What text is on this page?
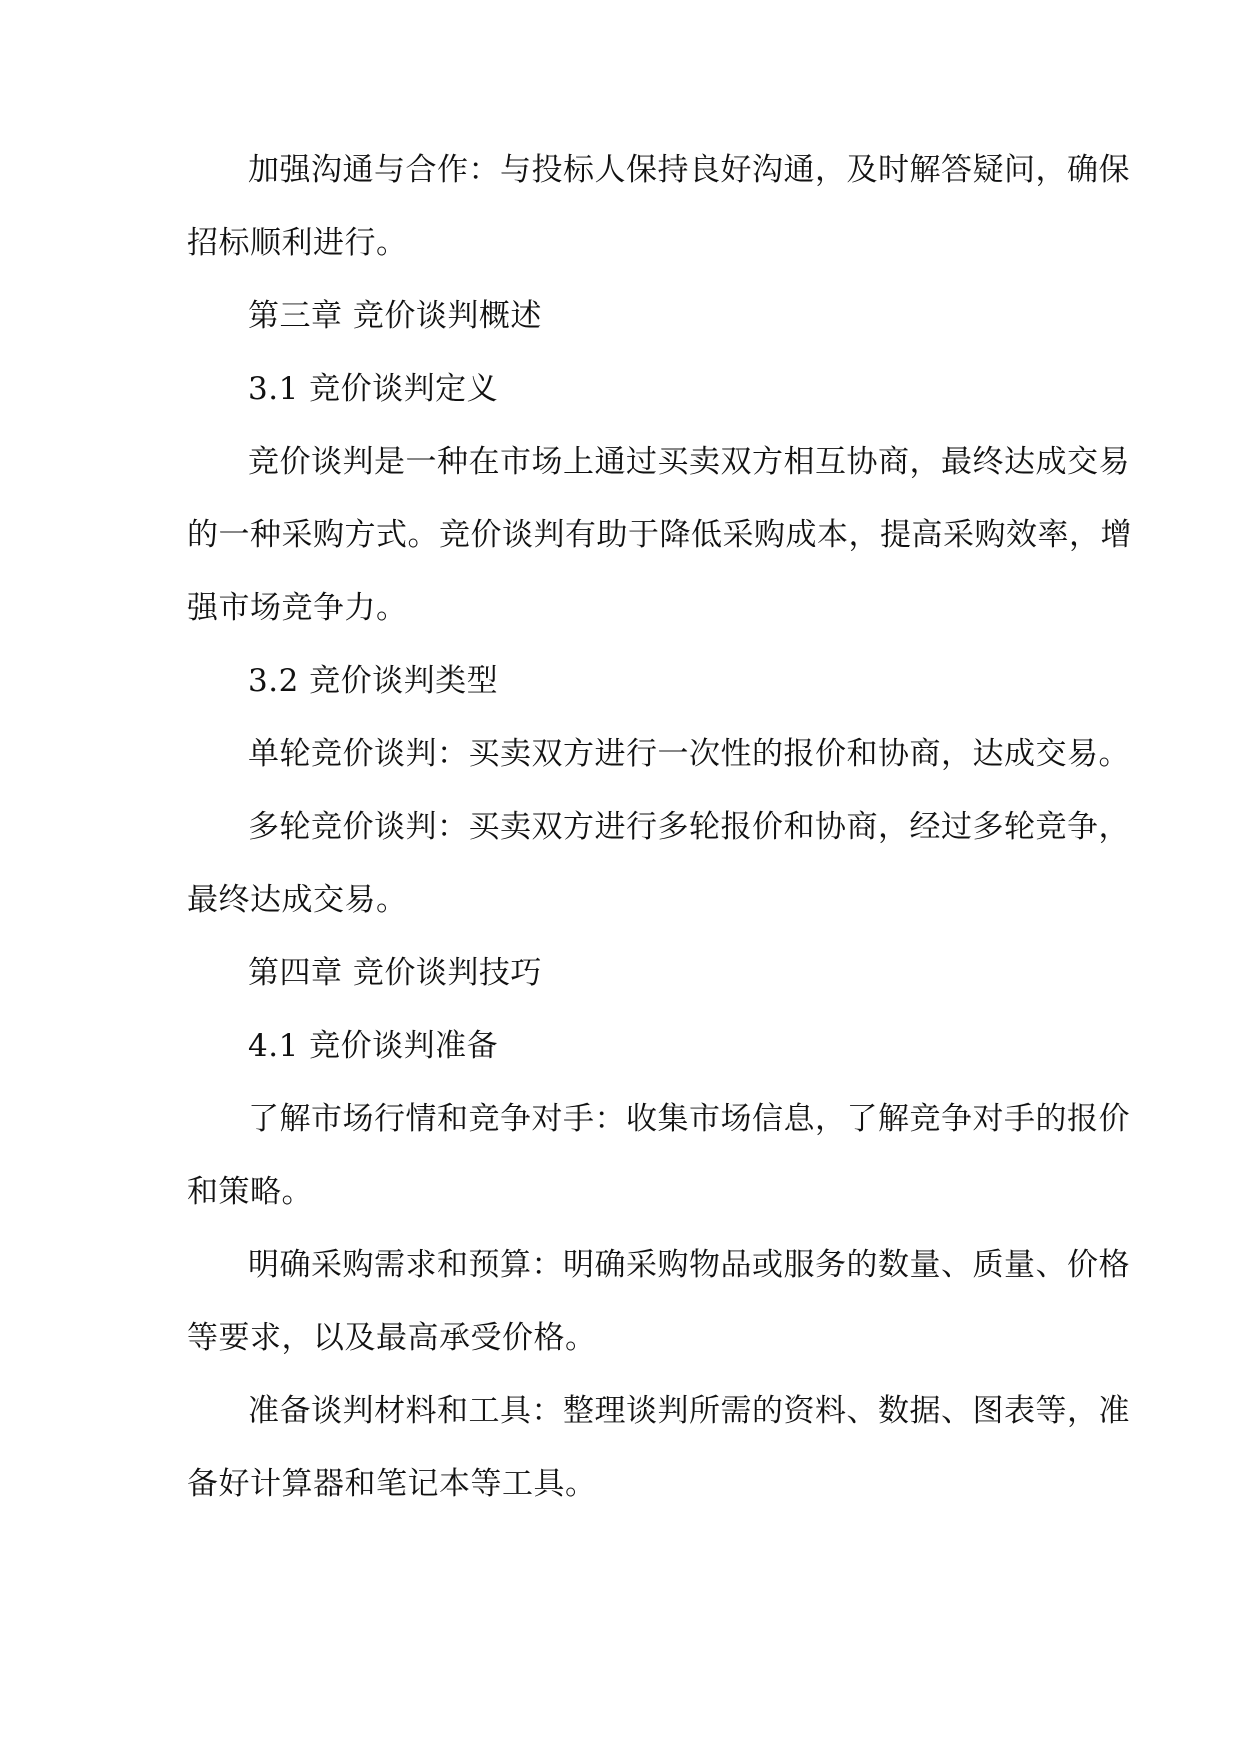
加强沟通与合作：与投标人保持良好沟通，及时解答疑问，确保
招标顺利进行。
第三章 竞价谈判概述
3.1 竞价谈判定义
竞价谈判是一种在市场上通过买卖双方相互协商，最终达成交易
的一种采购方式。竞价谈判有助于降低采购成本，提高采购效率，增
强市场竞争力。
3.2 竞价谈判类型
单轮竞价谈判：买卖双方进行一次性的报价和协商，达成交易。
多轮竞价谈判：买卖双方进行多轮报价和协商，经过多轮竞争，
最终达成交易。
第四章 竞价谈判技巧
4.1 竞价谈判准备
了解市场行情和竞争对手：收集市场信息，了解竞争对手的报价
和策略。
明确采购需求和预算：明确采购物品或服务的数量、质量、价格
等要求，以及最高承受价格。
准备谈判材料和工具：整理谈判所需的资料、数据、图表等，准
备好计算器和笔记本等工具。
